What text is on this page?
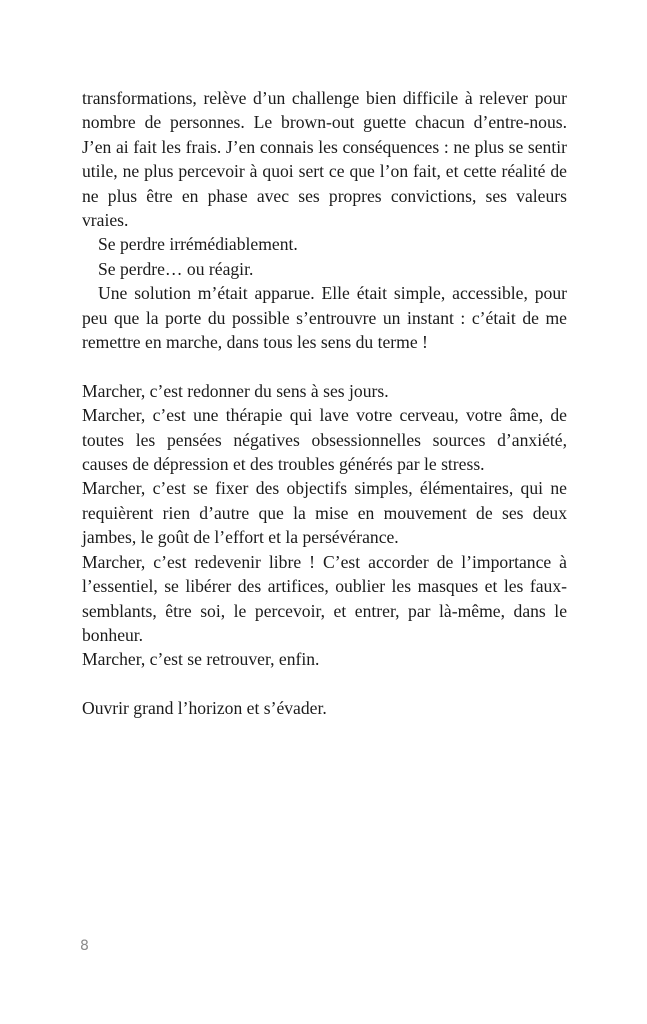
transformations, relève d’un challenge bien difficile à relever pour nombre de personnes. Le brown-out guette chacun d’entre-nous. J’en ai fait les frais. J’en connais les conséquences : ne plus se sentir utile, ne plus percevoir à quoi sert ce que l’on fait, et cette réalité de ne plus être en phase avec ses propres convictions, ses valeurs vraies.

Se perdre irrémédiablement.

Se perdre… ou réagir.

Une solution m’était apparue. Elle était simple, accessible, pour peu que la porte du possible s’entrouvre un instant : c’était de me remettre en marche, dans tous les sens du terme !

Marcher, c’est redonner du sens à ses jours.

Marcher, c’est une thérapie qui lave votre cerveau, votre âme, de toutes les pensées négatives obsessionnelles sources d’anxiété, causes de dépression et des troubles générés par le stress.

Marcher, c’est se fixer des objectifs simples, élémentaires, qui ne requièrent rien d’autre que la mise en mouvement de ses deux jambes, le goût de l’effort et la persévérance.

Marcher, c’est redevenir libre ! C’est accorder de l’importance à l’essentiel, se libérer des artifices, oublier les masques et les faux-semblants, être soi, le percevoir, et entrer, par là-même, dans le bonheur.

Marcher, c’est se retrouver, enfin.

Ouvrir grand l’horizon et s’évader.

8
